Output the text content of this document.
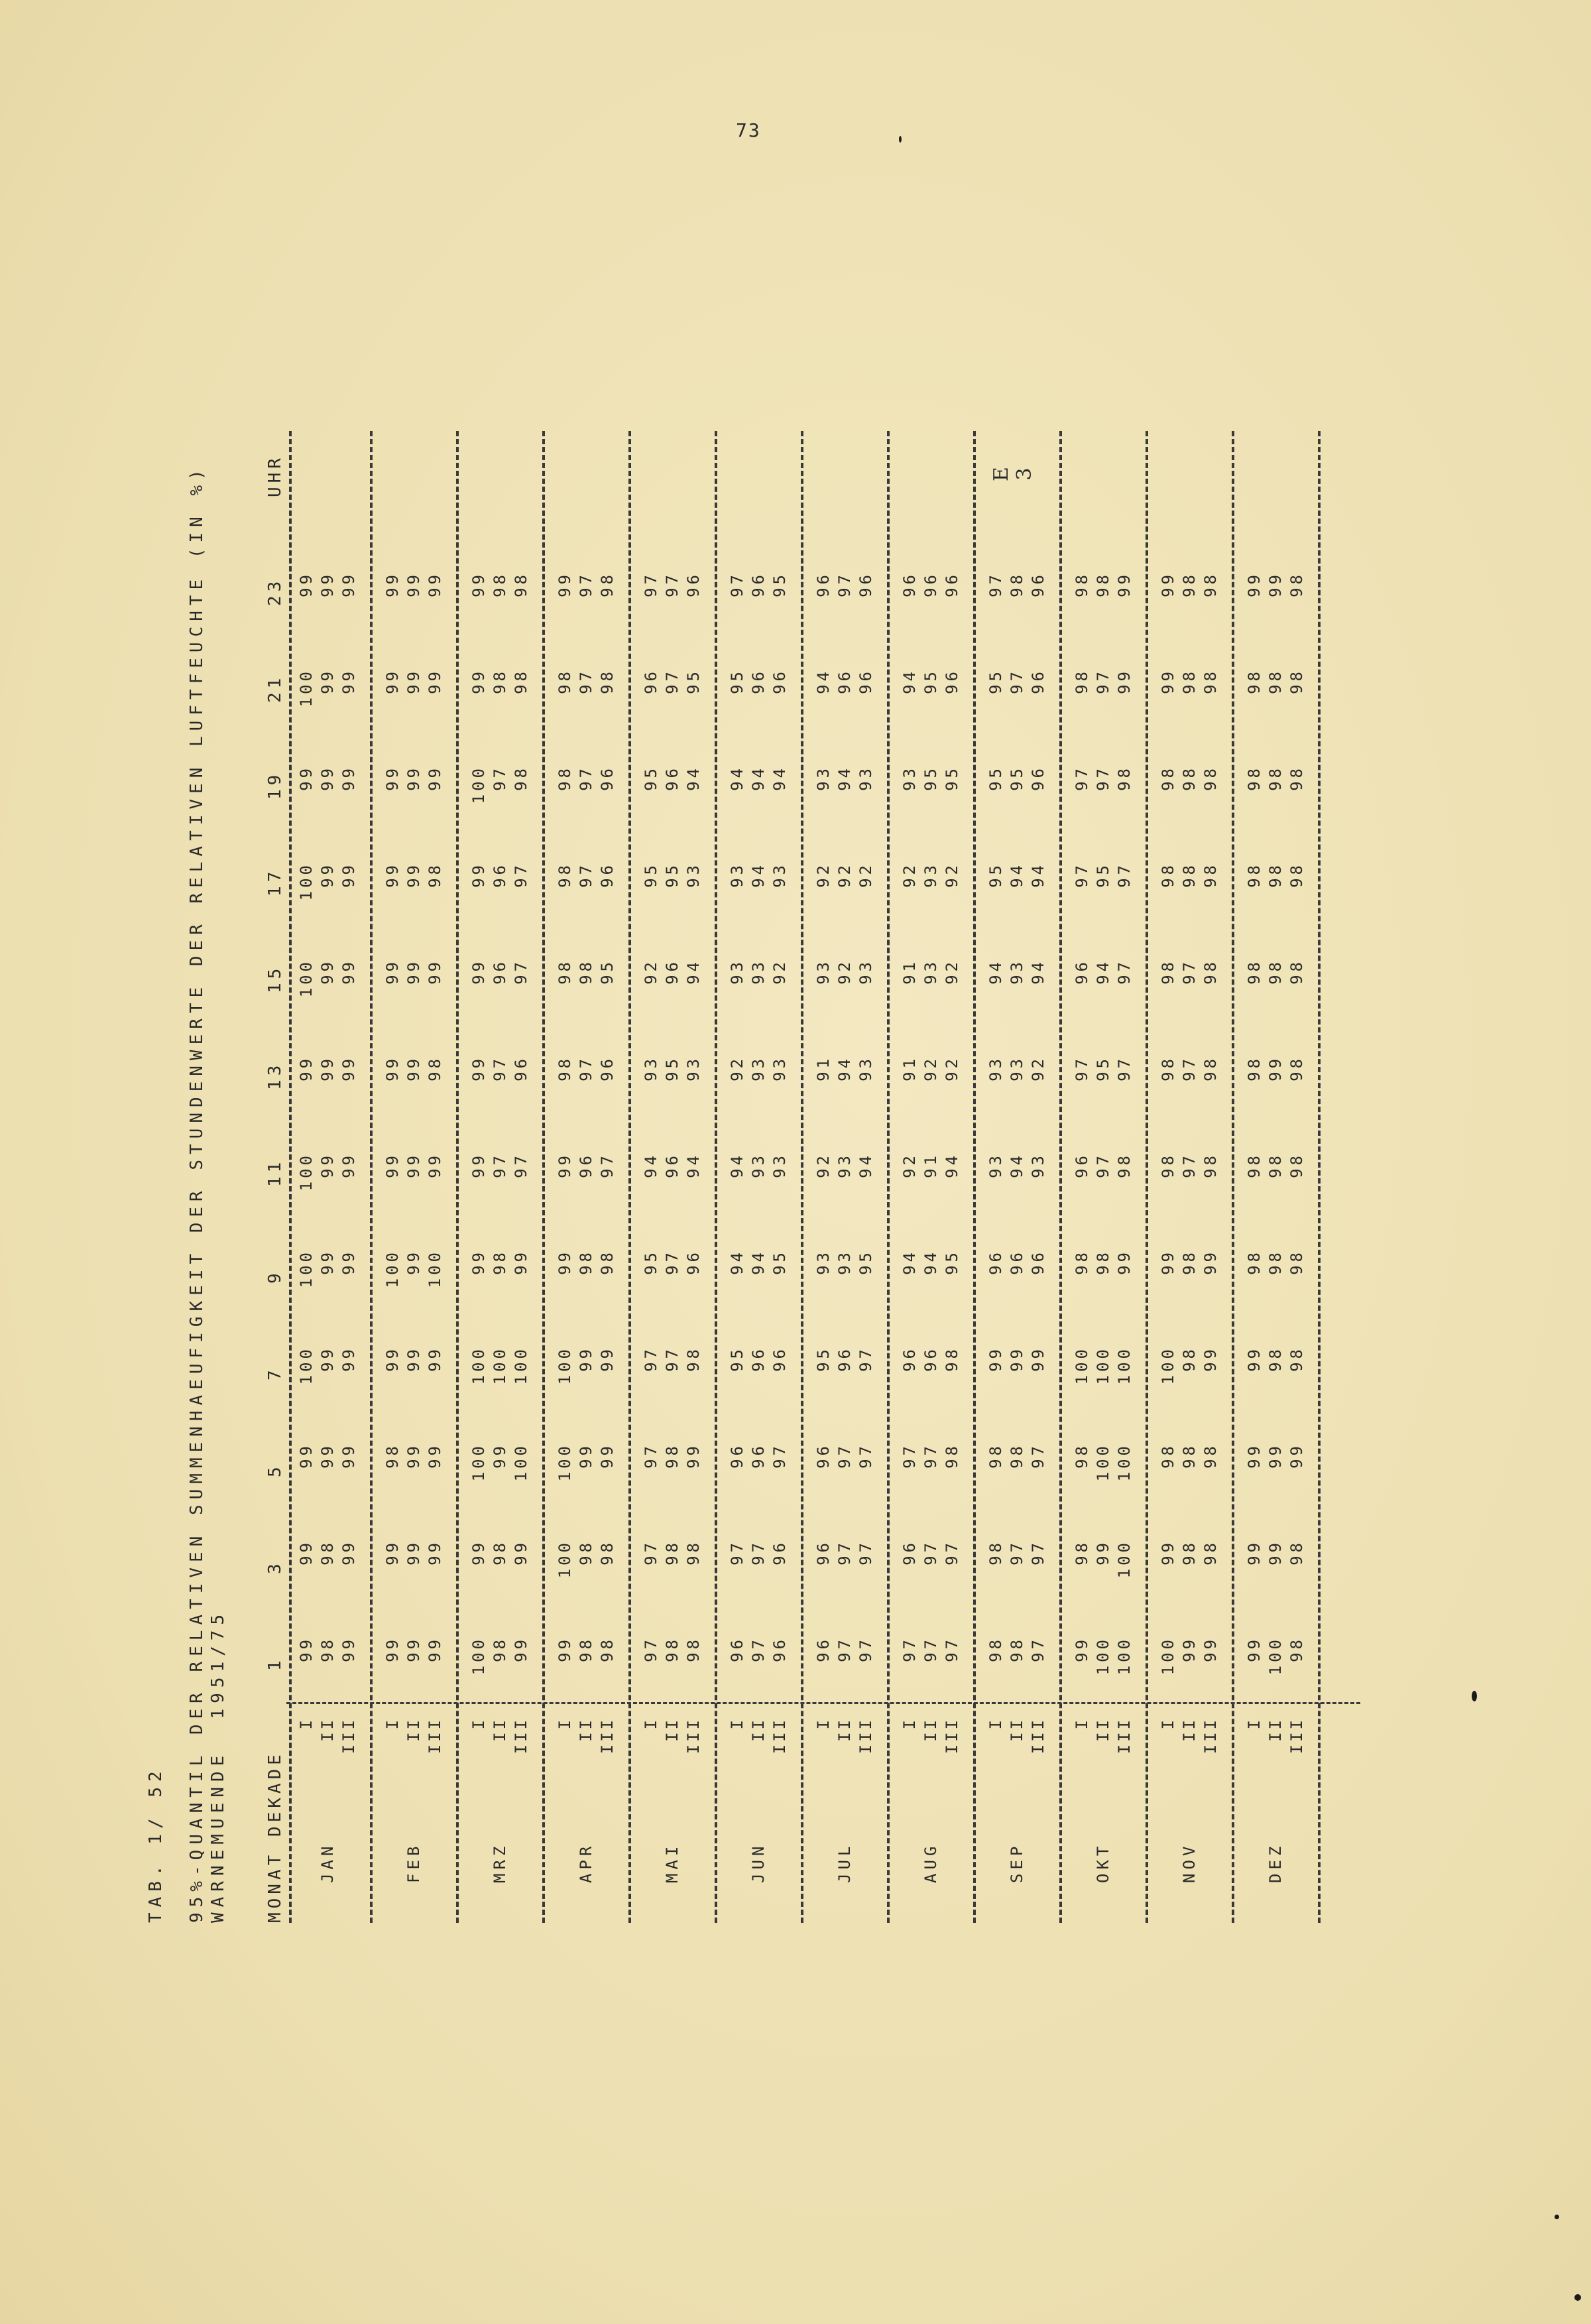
73
E 3
TAB. 1/ 52 95%-QUANTIL DER RELATIVEN SUMMENHAEUFIGKEIT DER STUNDENWERTE DER RELATIVEN LUFTFEUCHTE (IN %) WARNEMUENDE  1951/75 MONAT DEKADE
1
3
5
7
9
11
13
15
17
19
21
23
UHR
JAN
I
99
99
99
100
100
100
99
100
100
99
100
99
II
98
98
99
99
99
99
99
99
99
99
99
99
III
99
99
99
99
99
99
99
99
99
99
99
99
FEB
I
99
99
98
99
100
99
99
99
99
99
99
99
II
99
99
99
99
99
99
99
99
99
99
99
99
III
99
99
99
99
100
99
98
99
98
99
99
99
MRZ
I
100
99
100
100
99
99
99
99
99
100
99
99
II
98
98
99
100
98
97
97
96
96
97
98
98
III
99
99
100
100
99
97
96
97
97
98
98
98
APR
I
99
100
100
100
99
99
98
98
98
98
98
99
II
98
98
99
99
98
96
97
98
97
97
97
97
III
98
98
99
99
98
97
96
95
96
96
98
98
MAI
I
97
97
97
97
95
94
93
92
95
95
96
97
II
98
98
98
97
97
96
95
96
95
96
97
97
III
98
98
99
98
96
94
93
94
93
94
95
96
JUN
I
96
97
96
95
94
94
92
93
93
94
95
97
II
97
97
96
96
94
93
93
93
94
94
96
96
III
96
96
97
96
95
93
93
92
93
94
96
95
JUL
I
96
96
96
95
93
92
91
93
92
93
94
96
II
97
97
97
96
93
93
94
92
92
94
96
97
III
97
97
97
97
95
94
93
93
92
93
96
96
AUG
I
97
96
97
96
94
92
91
91
92
93
94
96
II
97
97
97
96
94
91
92
93
93
95
95
96
III
97
97
98
98
95
94
92
92
92
95
96
96
SEP
I
98
98
98
99
96
93
93
94
95
95
95
97
II
98
97
98
99
96
94
93
93
94
95
97
98
III
97
97
97
99
96
93
92
94
94
96
96
96
OKT
I
99
98
98
100
98
96
97
96
97
97
98
98
II
100
99
100
100
98
97
95
94
95
97
97
98
III
100
100
100
100
99
98
97
97
97
98
99
99
NOV
I
100
99
98
100
99
98
98
98
98
98
99
99
II
99
98
98
98
98
97
97
97
98
98
98
98
III
99
98
98
99
99
98
98
98
98
98
98
98
DEZ
I
99
99
99
99
98
98
98
98
98
98
98
99
II
100
99
99
98
98
98
99
98
98
98
98
99
III
98
98
99
98
98
98
98
98
98
98
98
98
